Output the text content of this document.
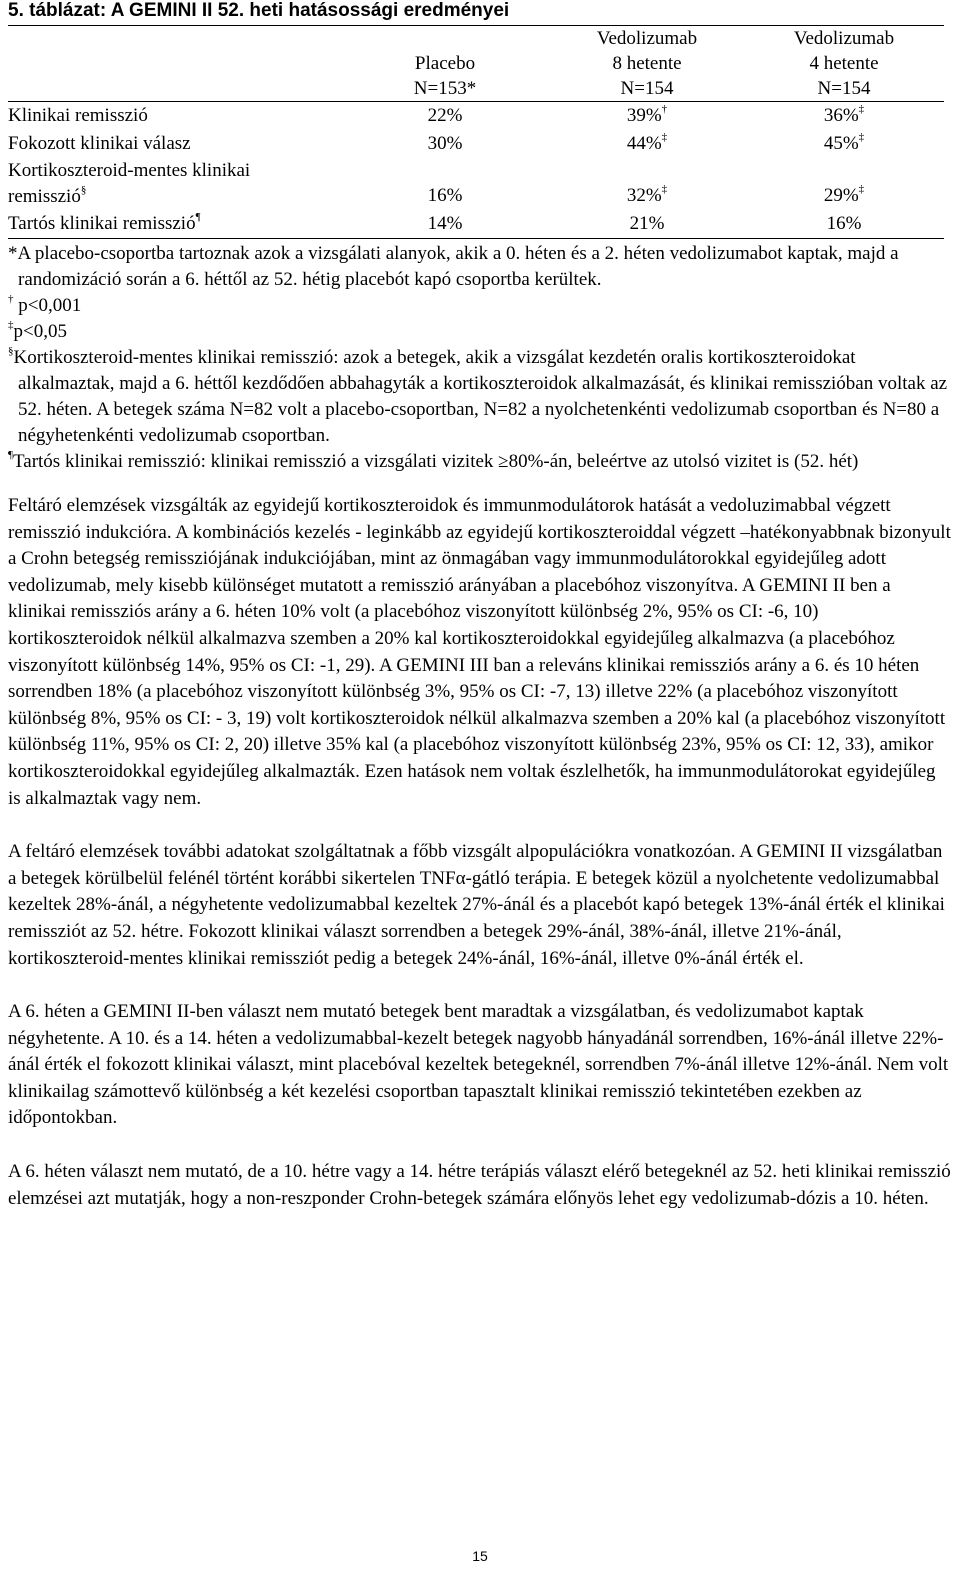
5. táblázat: A GEMINI II 52. heti hatásossági eredményei
		Vedolizumab	Vedolizumab
	Placebo	8 hetente	4 hetente
	N=153*	N=154	N=154
Klinikai remisszió	22%	39%†	36%‡
Fokozott klinikai válasz	30%	44%‡	45%‡
Kortikoszteroid-mentes klinikai
remisszió§	16%	32%‡	29%‡
Tartós klinikai remisszió¶	14%	21%	16%
*A placebo-csoportba tartoznak azok a vizsgálati alanyok, akik a 0. héten és a 2. héten vedolizumabot kaptak, majd a randomizáció során a 6. héttől az 52. hétig placebót kapó csoportba kerültek.
† p<0,001
‡p<0,05
§Kortikoszteroid-mentes klinikai remisszió: azok a betegek, akik a vizsgálat kezdetén oralis kortikoszteroidokat alkalmaztak, majd a 6. héttől kezdődően abbahagyták a kortikoszteroidok alkalmazását, és klinikai remisszióban voltak az 52. héten. A betegek száma N=82 volt a placebo-csoportban, N=82 a nyolchetenkénti vedolizumab csoportban és N=80 a négyhetenkénti vedolizumab csoportban.
¶Tartós klinikai remisszió: klinikai remisszió a vizsgálati vizitek ≥80%-án, beleértve az utolsó vizitet is (52. hét)

Feltáró elemzések vizsgálták az egyidejű kortikoszteroidok és immunmodulátorok hatását a vedoluzimabbal végzett remisszió indukcióra. A kombinációs kezelés - leginkább az egyidejű kortikoszteroiddal végzett –hatékonyabbnak bizonyult a Crohn betegség remissziójának indukciójában, mint az önmagában vagy immunmodulátorokkal egyidejűleg adott vedolizumab, mely kisebb különséget mutatott a remisszió arányában a placebóhoz viszonyítva. A GEMINI II ben a klinikai remissziós arány a 6. héten 10% volt (a placebóhoz viszonyított különbség 2%, 95% os CI: -6, 10) kortikoszteroidok nélkül alkalmazva szemben a 20% kal kortikoszteroidokkal egyidejűleg alkalmazva (a placebóhoz viszonyított különbség 14%, 95% os CI: -1, 29). A GEMINI III ban a releváns klinikai remissziós arány a 6. és 10 héten sorrendben 18% (a placebóhoz viszonyított különbség 3%, 95% os CI: -7, 13) illetve 22% (a placebóhoz viszonyított különbség 8%, 95% os CI: - 3, 19) volt kortikoszteroidok nélkül alkalmazva szemben a 20% kal (a placebóhoz viszonyított különbség 11%, 95% os CI: 2, 20) illetve 35% kal (a placebóhoz viszonyított különbség 23%, 95% os CI: 12, 33), amikor kortikoszteroidokkal egyidejűleg alkalmazták. Ezen hatások nem voltak észlelhetők, ha immunmodulátorokat egyidejűleg is alkalmaztak vagy nem.

A feltáró elemzések további adatokat szolgáltatnak a főbb vizsgált alpopulációkra vonatkozóan. A GEMINI II vizsgálatban a betegek körülbelül felénél történt korábbi sikertelen TNFα-gátló terápia. E betegek közül a nyolchetente vedolizumabbal kezeltek 28%-ánál, a négyhetente vedolizumabbal kezeltek 27%-ánál és a placebót kapó betegek 13%-ánál érték el klinikai remissziót az 52. hétre. Fokozott klinikai választ sorrendben a betegek 29%-ánál, 38%-ánál, illetve 21%-ánál, kortikoszteroid-mentes klinikai remissziót pedig a betegek 24%-ánál, 16%-ánál, illetve 0%-ánál érték el.

A 6. héten a GEMINI II-ben választ nem mutató betegek bent maradtak a vizsgálatban, és vedolizumabot kaptak négyhetente. A 10. és a 14. héten a vedolizumabbal-kezelt betegek nagyobb hányadánál sorrendben, 16%-ánál illetve 22%-ánál érték el fokozott klinikai választ, mint placebóval kezeltek betegeknél, sorrendben 7%-ánál illetve 12%-ánál. Nem volt klinikailag számottevő különbség a két kezelési csoportban tapasztalt klinikai remisszió tekintetében ezekben az időpontokban.

A 6. héten választ nem mutató, de a 10. hétre vagy a 14. hétre terápiás választ elérő betegeknél az 52. heti klinikai remisszió elemzései azt mutatják, hogy a non-reszponder Crohn-betegek számára előnyös lehet egy vedolizumab-dózis a 10. héten.

15
